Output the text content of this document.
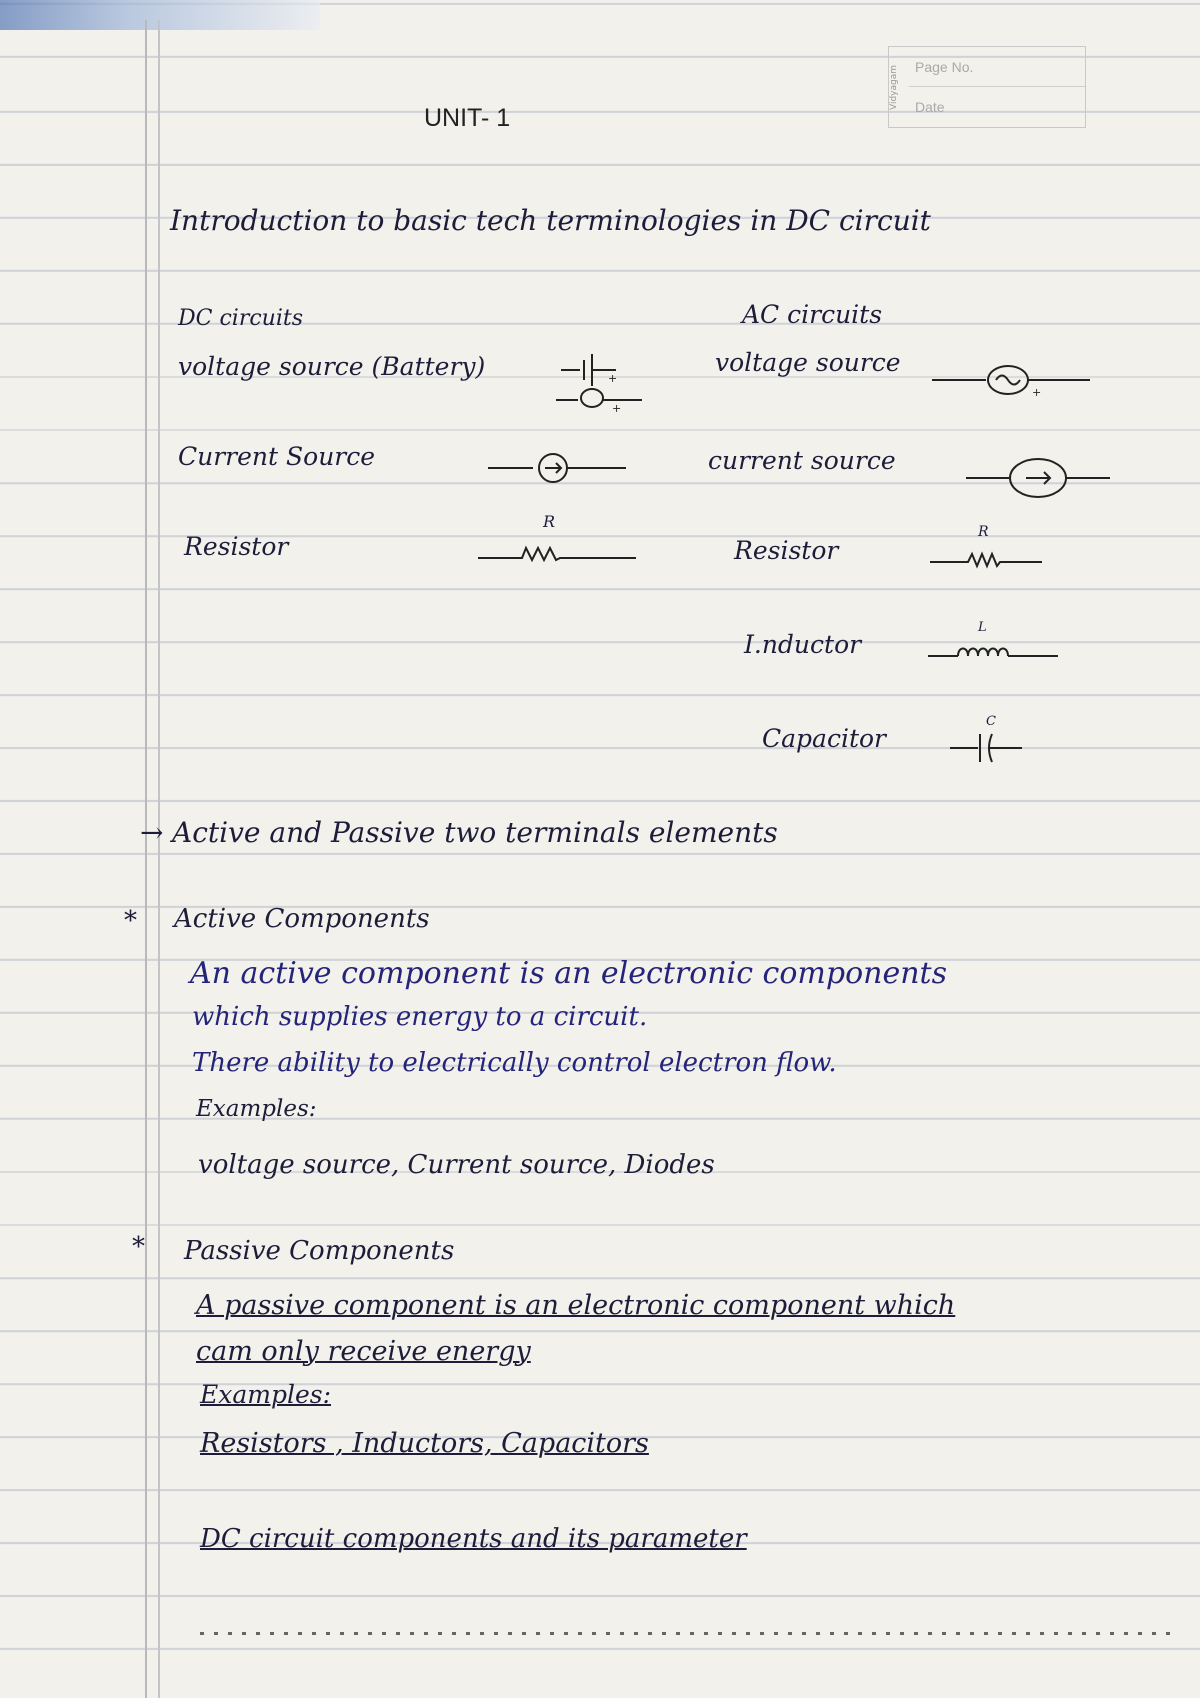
Vidyagam	Page No.
Date
UNIT- 1
Introduction to basic tech terminologies in DC circuit
DC circuits
voltage source (Battery)	+
+
Current Source
Resistor
R
AC circuits
voltage source
+
current source
Resistor
R
I.nductor
L
Capacitor
C
→ Active and Passive two terminals elements
* Active Components
An active component is an electronic components
which supplies energy to a circuit.
There ability to electrically control electron flow.
Examples:
voltage source, Current source, Diodes
* Passive Components
A passive component is an electronic component which
cam only receive energy
Examples:
Resistors , Inductors, Capacitors
DC circuit components and its parameter
